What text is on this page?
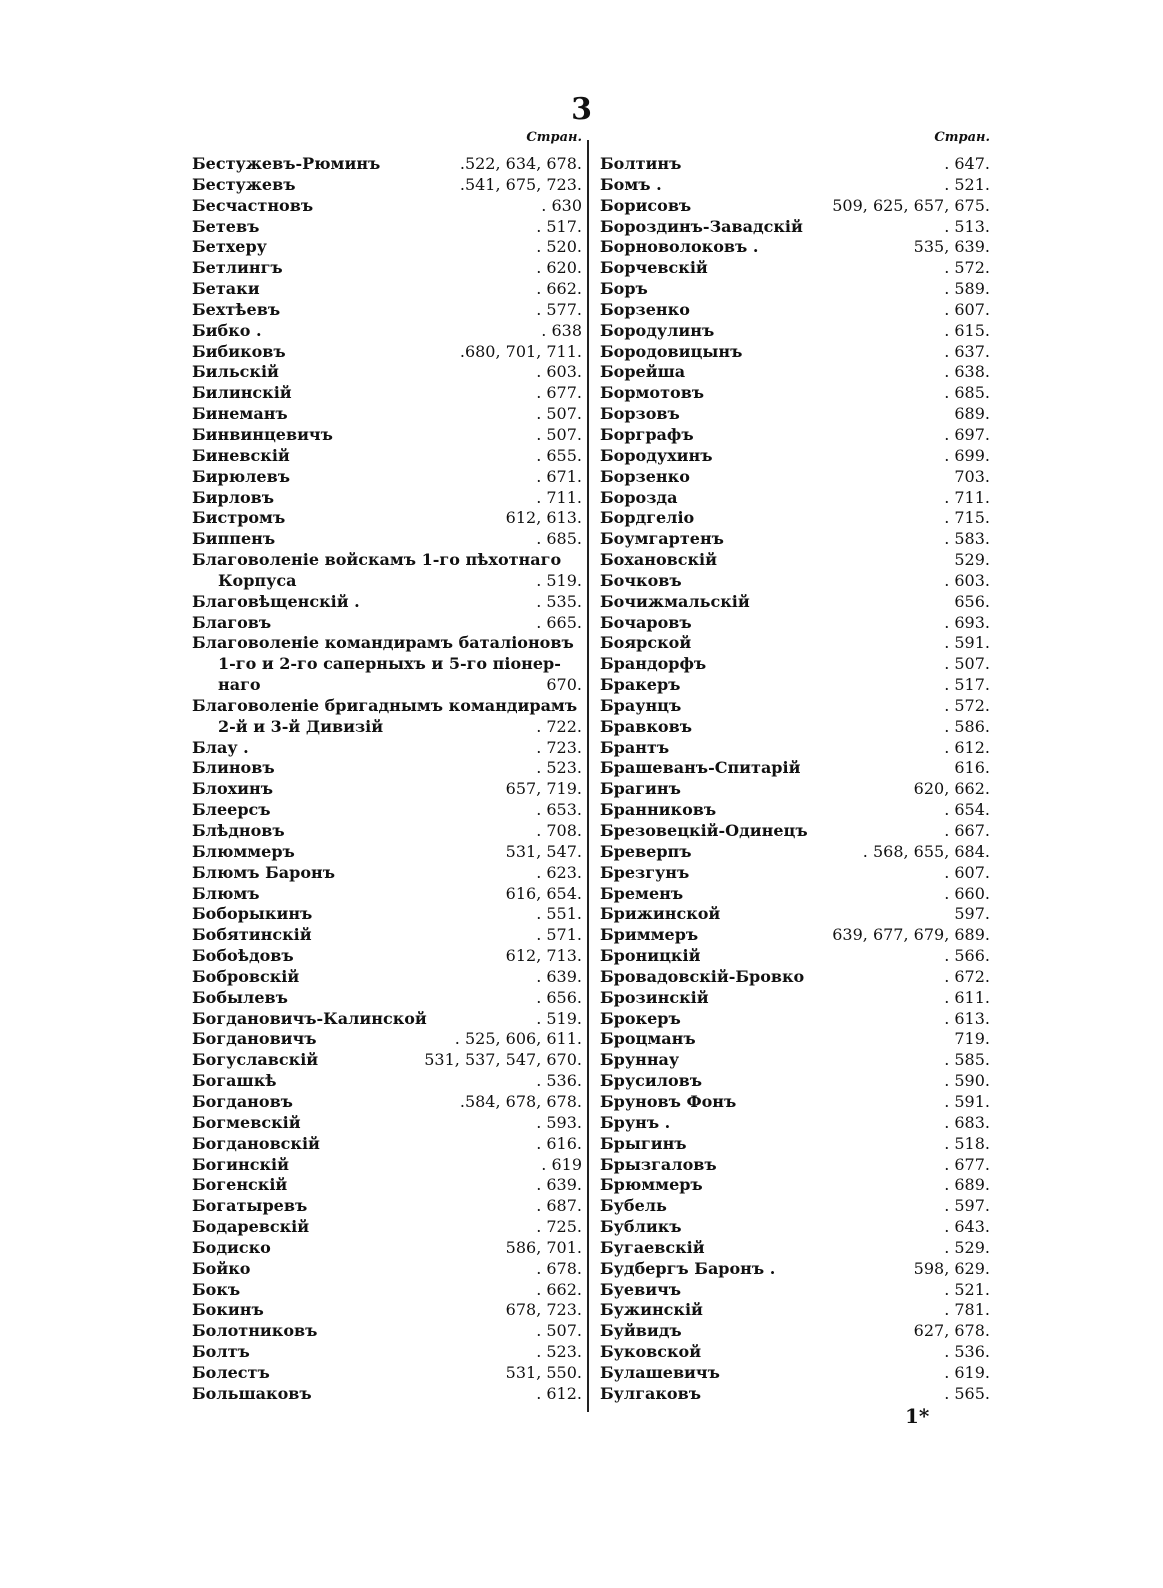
3
Стран.
Бестужевъ-Рюминъ	.522, 634, 678.
Бестужевъ	.541, 675, 723.
Бесчастновъ	. 630
Бетевъ	. 517.
Бетхеру	. 520.
Бетлингъ	. 620.
Бетаки	. 662.
Бехтѣевъ	. 577.
Бибко .	. 638
Бибиковъ	.680, 701, 711.
Бильскій	. 603.
Билинскій	. 677.
Бинеманъ	. 507.
Бинвинцевичъ	. 507.
Биневскій	. 655.
Бирюлевъ	. 671.
Бирловъ	. 711.
Бистромъ	612, 613.
Биппенъ	. 685.
Благоволеніе войскамъ 1-го пѣхотнаго
Корпуса	. 519.
Благовѣщенскій .	. 535.
Благовъ	. 665.
Благоволеніе командирамъ баталіоновъ
1-го и 2-го саперныхъ и 5-го пiонер-
наго	670.
Благоволеніе бригаднымъ командирамъ
2-й и 3-й Дивизій	. 722.
Блау .	. 723.
Блиновъ	. 523.
Блохинъ	657, 719.
Блеерсъ	. 653.
Блѣдновъ	. 708.
Блюммеръ	531, 547.
Блюмъ Баронъ	. 623.
Блюмъ	616, 654.
Боборыкинъ	. 551.
Бобятинскій	. 571.
Бобоѣдовъ	612, 713.
Бобровскій	. 639.
Бобылевъ	. 656.
Богдановичъ-Калинской	. 519.
Богдановичъ	. 525, 606, 611.
Богуславскій	531, 537, 547, 670.
Богашкѣ	. 536.
Богдановъ	.584, 678, 678.
Богмевскій	. 593.
Богдановскій	. 616.
Богинскій	. 619
Богенскій	. 639.
Богатыревъ	. 687.
Бодаревскій	. 725.
Бодиско	586, 701.
Бойко	. 678.
Бокъ	. 662.
Бокинъ	678, 723.
Болотниковъ	. 507.
Болтъ	. 523.
Болестъ	531, 550.
Большаковъ	. 612.
Стран.
Болтинъ	. 647.
Бомъ .	. 521.
Борисовъ	509, 625, 657, 675.
Бороздинъ-Завадскій	. 513.
Борноволоковъ .	535, 639.
Борчевскій	. 572.
Боръ	. 589.
Борзенко	. 607.
Бородулинъ	. 615.
Бородовицынъ	. 637.
Борейша	. 638.
Бормотовъ	. 685.
Борзовъ	689.
Борграфъ	. 697.
Бородухинъ	. 699.
Борзенко	703.
Борозда	. 711.
Бордгеліо	. 715.
Боумгартенъ	. 583.
Бохановскій	529.
Бочковъ	. 603.
Бочижмальскій	656.
Бочаровъ	. 693.
Боярской	. 591.
Брандорфъ	. 507.
Бракеръ	. 517.
Браунцъ	. 572.
Бравковъ	. 586.
Брантъ	. 612.
Брашеванъ-Спитарій	616.
Брагинъ	620, 662.
Бранниковъ	. 654.
Брезовецкій-Одинецъ	. 667.
Бреверпъ	. 568, 655, 684.
Брезгунъ	. 607.
Бременъ	. 660.
Брижинской	597.
Бриммеръ	639, 677, 679, 689.
Броницкій	. 566.
Бровадовскій-Бровко	. 672.
Брозинскій	. 611.
Брокеръ	. 613.
Броцманъ	719.
Бруннау	. 585.
Брусиловъ	. 590.
Бруновъ Фонъ	. 591.
Брунъ .	. 683.
Брыгинъ	. 518.
Брызгаловъ	. 677.
Брюммеръ	. 689.
Бубель	. 597.
Бубликъ	. 643.
Бугаевскій	. 529.
Будбергъ Баронъ .	598, 629.
Буевичъ	. 521.
Бужинскій	. 781.
Буйвидъ	627, 678.
Буковской	. 536.
Булашевичъ	. 619.
Булгаковъ	. 565.
1*
